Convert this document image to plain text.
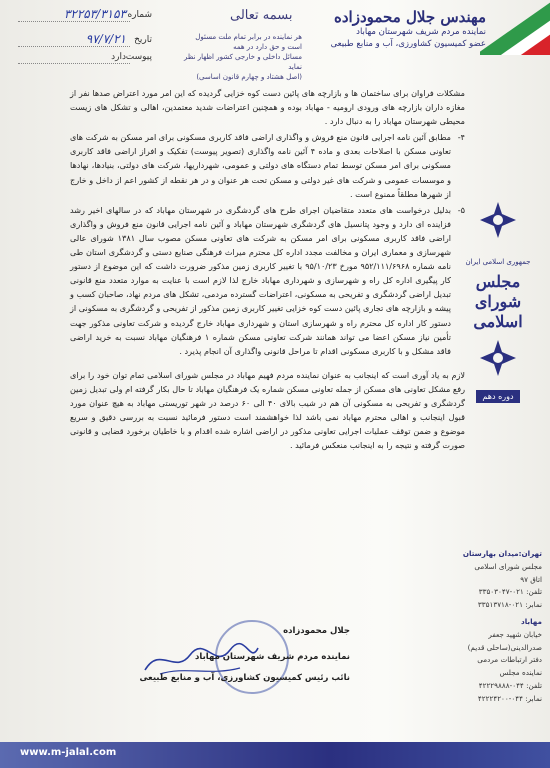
مهندس جلال محمودزاده
نماینده مردم شریف شهرستان مهاباد
عضو کمیسیون کشاورزی، آب و منابع طبیعی
بسمه تعالی
هر نماینده در برابر تمام ملت مسئول است و حق دارد در همه
مسائل داخلی و خارجی کشور اظهار نظر نماید
(اصل هشتاد و چهارم قانون اساسی)
شماره
۳۲۲۵۳/۳۱۵۳
تاریخ
۹۷/۷/۲۱
پیوست
دارد

مشکلات فراوان برای ساختمان ها و بازارچه های پائین دست کوه خزایی گردیده که این امر مورد اعتراض صدها نفر از مغازه داران بازارچه های ورودی ارومیه - مهاباد بوده و همچنین اعتراضات شدید معتمدین، اهالی و تشکل های زیست محیطی شهرستان مهاباد را به دنبال دارد .

۴-
مطابق آئین نامه اجرایی قانون منع فروش و واگذاری اراضی فاقد کاربری مسکونی برای امر مسکن به شرکت های تعاونی مسکن با اصلاحات بعدی و ماده ۴ آئین نامه واگذاری (تصویر پیوست) تفکیک و افراز اراضی فاقد کاربری مسکونی برای امر مسکن توسط تمام دستگاه های دولتی و عمومی، شهرداریها، شرکت های دولتی، بنیادها، نهادها و موسسات عمومی و شرکت های غیر دولتی و مسکن تحت هر عنوان و در هر نقطه از کشور اعم از داخل و خارج از شهرها مطلقاً ممنوع است .

۵-
بدلیل درخواست های متعدد متقاضیان اجرای طرح های گردشگری در شهرستان مهاباد که در سالهای اخیر رشد فزاینده ای دارد و وجود پتانسیل های گردشگری شهرستان مهاباد و آئین نامه اجرایی قانون منع فروش و واگذاری اراضی فاقد کاربری مسکونی برای امر مسکن به شرکت های تعاونی مسکن مصوب سال ۱۳۸۱ شورای عالی شهرسازی و معماری ایران و مخالفت مجدد اداره کل محترم میراث فرهنگی صنایع دستی و گردشگری استان طی نامه شماره ۹۵۲/۱۱۱/۶۹۶۸ مورخ ۹۵/۱۰/۲۳ با تغییر کاربری زمین مذکور ضرورت داشت که این موضوع از دستور کار پیگیری اداره کل راه و شهرسازی و شهرداری مهاباد خارج لذا لازم است با عنایت به موارد متعدد منع قانونی تبدیل اراضی گردشگری و تفریحی به مسکونی، اعتراضات گسترده مردمی، تشکل های مردم نهاد، صاحبان کسب و پیشه و بازارچه های تجاری پائین دست کوه خزایی تغییر کاربری زمین مذکور از تفریحی و گردشگری به مسکونی از دستور کار اداره کل محترم راه و شهرسازی استان و شهرداری مهاباد خارج گردیده و شرکت تعاونی مذکور جهت تأمین نیاز مسکن اعضا می تواند همانند شرکت تعاونی مسکن شماره ۱ فرهنگیان مهاباد نسبت به خرید اراضی فاقد مشکل و با کاربری مسکونی اقدام تا مراحل قانونی واگذاری آن انجام پذیرد .

لازم به یاد آوری است که اینجانب به عنوان نماینده مردم فهیم مهاباد در مجلس شورای اسلامی تمام توان خود را برای رفع مشکل تعاونی های مسکن از جمله تعاونی مسکن شماره یک فرهنگیان مهاباد تا حال بکار گرفته ام ولی تبدیل زمین گردشگری و تفریحی به مسکونی آن هم در شیب بالای ۴۰ الی ۶۰ درصد در شهر توریستی مهاباد به هیچ عنوان مورد قبول اینجانب و اهالی محترم مهاباد نمی باشد لذا خواهشمند است دستور فرمائید نسبت به بررسی دقیق و سریع موضوع و ضمن توقف عملیات اجرایی تعاونی مذکور در اراضی اشاره شده اقدام و با خاطیان برخورد قضایی و قانونی صورت گرفته و نتیجه را به اینجانب منعکس فرمائید .

جلال محمودزاده
نماینده مردم شریف شهرستان مهاباد
نائب رئیس کمیسیون کشاورزی، آب و منابع طبیعی
جمهوری اسلامی ایران
مجلس شورای اسلامی
دوره دهم
تهران:میدان بهارستان
مجلس شورای اسلامی
اتاق ۹۷
تلفن: ۰۲۱-۳۳۵۰۳۰۴۷
نمابر: ۰۲۱-۳۳۵۱۳۷۱۸
مهاباد
خیابان شهید جعفر
صدرالدینی(ساحلی قدیم)
دفتر ارتباطات مردمی
نماینده مجلس
تلفن: ۰۴۴-۴۲۲۲۹۸۸۸
نمابر: ۰۴۴-۴۲۲۲۴۲۰۰
www.m-jalal.com
